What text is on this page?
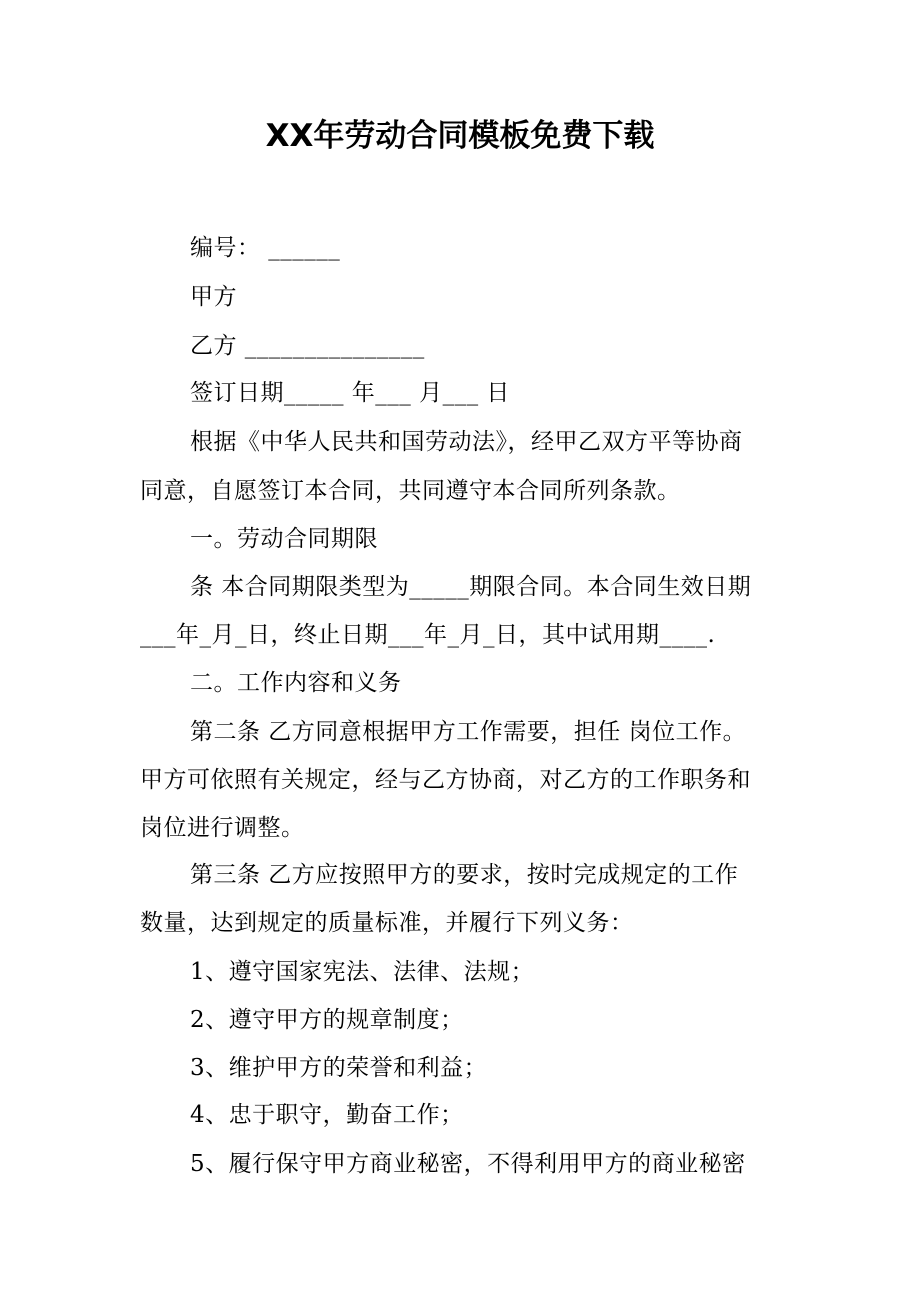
XX年劳动合同模板免费下载
编号： ______
甲方
乙方 _______________
签订日期_____ 年___ 月___ 日
根据《中华人民共和国劳动法》，经甲乙双方平等协商
同意，自愿签订本合同，共同遵守本合同所列条款。
一。劳动合同期限
条 本合同期限类型为_____期限合同。本合同生效日期
___年_月_日，终止日期___年_月_日，其中试用期____.
二。工作内容和义务
第二条 乙方同意根据甲方工作需要，担任 岗位工作。
甲方可依照有关规定，经与乙方协商，对乙方的工作职务和
岗位进行调整。
第三条 乙方应按照甲方的要求，按时完成规定的工作
数量，达到规定的质量标准，并履行下列义务：
1、遵守国家宪法、法律、法规；
2、遵守甲方的规章制度；
3、维护甲方的荣誉和利益；
4、忠于职守，勤奋工作；
5、履行保守甲方商业秘密，不得利用甲方的商业秘密
